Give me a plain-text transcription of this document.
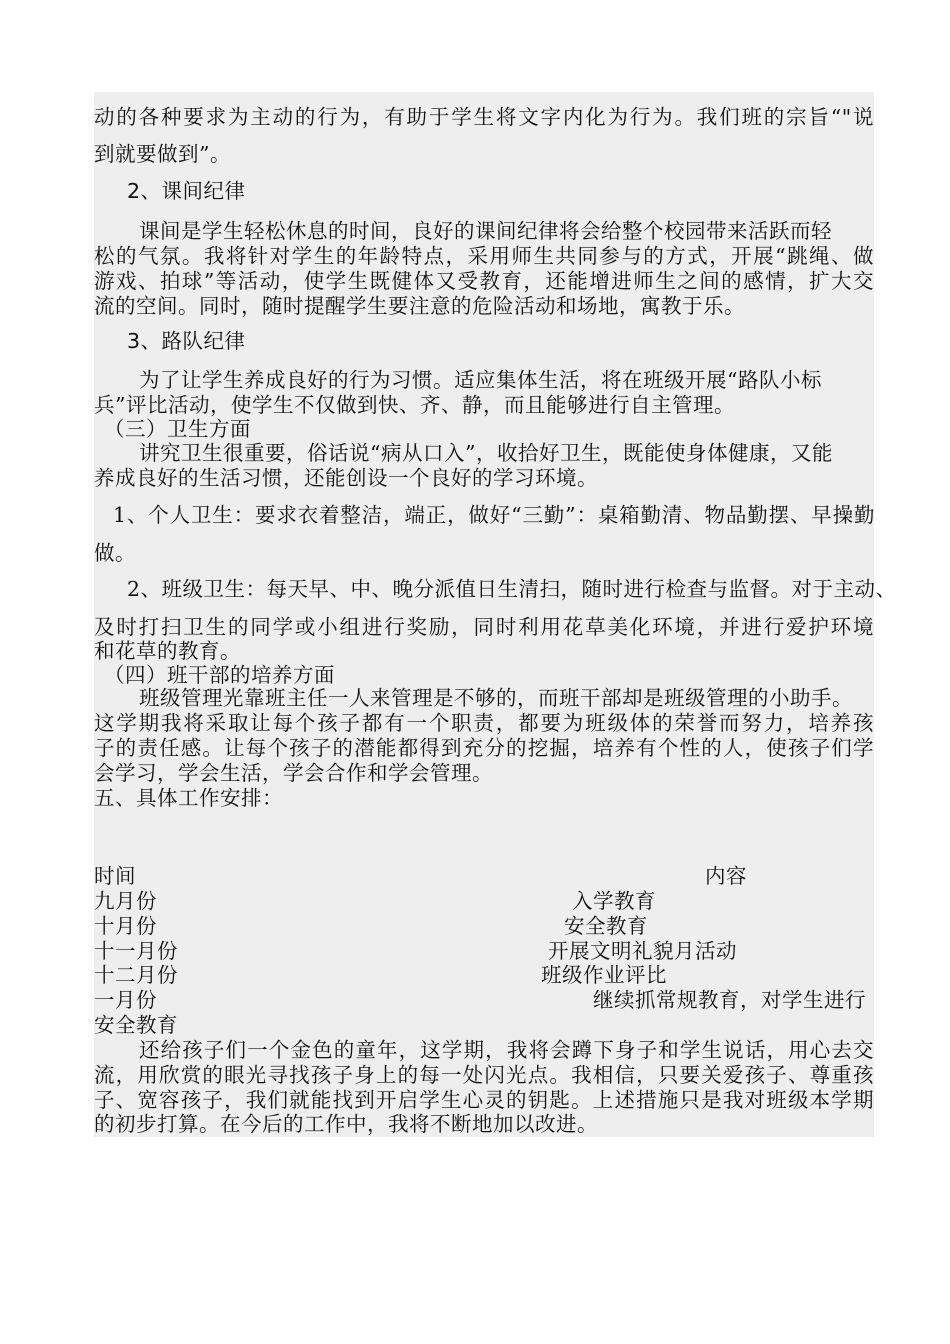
动的各种要求为主动的行为，有助于学生将文字内化为行为。我们班的宗旨“"说
到就要做到”。
2、课间纪律
课间是学生轻松休息的时间，良好的课间纪律将会给整个校园带来活跃而轻
松的气氛。我将针对学生的年龄特点，采用师生共同参与的方式，开展“跳绳、做
游戏、拍球”等活动，使学生既健体又受教育，还能增进师生之间的感情，扩大交
流的空间。同时，随时提醒学生要注意的危险活动和场地，寓教于乐。
3、路队纪律
为了让学生养成良好的行为习惯。适应集体生活，将在班级开展“路队小标
兵”评比活动，使学生不仅做到快、齐、静，而且能够进行自主管理。
（三）卫生方面
讲究卫生很重要，俗话说“病从口入”，收拾好卫生，既能使身体健康，又能
养成良好的生活习惯，还能创设一个良好的学习环境。
1、个人卫生：要求衣着整洁，端正，做好“三勤”：桌箱勤清、物品勤摆、早操勤
做。
2、班级卫生：每天早、中、晚分派值日生清扫，随时进行检查与监督。对于主动、
及时打扫卫生的同学或小组进行奖励，同时利用花草美化环境，并进行爱护环境
和花草的教育。
（四）班干部的培养方面
班级管理光靠班主任一人来管理是不够的，而班干部却是班级管理的小助手。
这学期我将采取让每个孩子都有一个职责，都要为班级体的荣誉而努力，培养孩
子的责任感。让每个孩子的潜能都得到充分的挖掘，培养有个性的人，使孩子们学
会学习，学会生活，学会合作和学会管理。
五、具体工作安排：
时间	内容
九月份	入学教育
十月份	安全教育
十一月份	开展文明礼貌月活动
十二月份	班级作业评比
一月份	继续抓常规教育，对学生进行
安全教育
还给孩子们一个金色的童年，这学期，我将会蹲下身子和学生说话，用心去交
流，用欣赏的眼光寻找孩子身上的每一处闪光点。我相信，只要关爱孩子、尊重孩
子、宽容孩子，我们就能找到开启学生心灵的钥匙。上述措施只是我对班级本学期
的初步打算。在今后的工作中，我将不断地加以改进。
